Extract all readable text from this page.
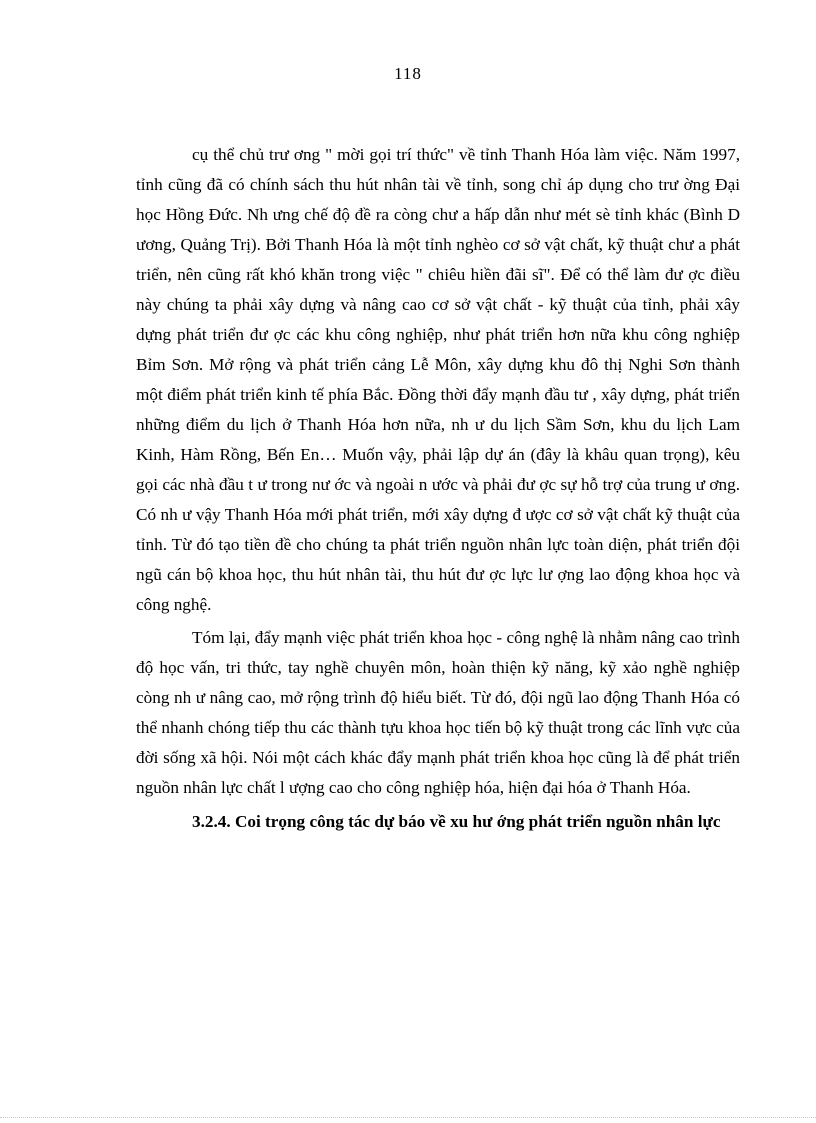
118

cụ thể chủ trư ơng " mời gọi trí thức" về tỉnh Thanh Hóa làm việc. Năm 1997, tỉnh cũng đã có chính sách thu hút nhân tài về tỉnh, song chỉ áp dụng cho trư ờng Đại học Hồng Đức. Nh ưng chế độ đề ra còng chư a hấp dẫn như mét sè tỉnh khác (Bình D ương, Quảng Trị). Bởi Thanh Hóa là một tỉnh nghèo cơ sở vật chất, kỹ thuật chư a phát triển, nên cũng rất khó khăn trong việc " chiêu hiền đãi sĩ". Để có thể làm đư ợc điều này chúng ta phải xây dựng và nâng cao cơ sở vật chất - kỹ thuật của tỉnh, phải xây dựng phát triển đư ợc các khu công nghiệp, như phát triển hơn nữa khu công nghiệp Bỉm Sơn. Mở rộng và phát triển cảng Lễ Môn, xây dựng khu đô thị Nghi Sơn thành một điểm phát triển kinh tế phía Bắc. Đồng thời đẩy mạnh đầu tư , xây dựng, phát triển những điểm du lịch ở Thanh Hóa hơn nữa, nh ư du lịch Sầm Sơn, khu du lịch Lam Kinh, Hàm Rồng, Bến En… Muốn vậy, phải lập dự án (đây là khâu quan trọng), kêu gọi các nhà đầu t ư trong nư ớc và ngoài n ước và phải đư ợc sự hỗ trợ của trung ư ơng. Có nh ư vậy Thanh Hóa mới phát triển, mới xây dựng đ ược cơ sở vật chất kỹ thuật của tỉnh. Từ đó tạo tiền đề cho chúng ta phát triển nguồn nhân lực toàn diện, phát triển đội ngũ cán bộ khoa học, thu hút nhân tài, thu hút đư ợc lực lư ợng lao động khoa học và công nghệ.

Tóm lại, đẩy mạnh việc phát triển khoa học - công nghệ là nhằm nâng cao trình độ học vấn, tri thức, tay nghề chuyên môn, hoàn thiện kỹ năng, kỹ xảo nghề nghiệp còng nh ư nâng cao, mở rộng trình độ hiểu biết. Từ đó, đội ngũ lao động Thanh Hóa có thể nhanh chóng tiếp thu các thành tựu khoa học tiến bộ kỹ thuật trong các lĩnh vực của đời sống xã hội. Nói một cách khác đẩy mạnh phát triển khoa học cũng là để phát triển nguồn nhân lực chất l ượng cao cho công nghiệp hóa, hiện đại hóa ở Thanh Hóa.

3.2.4. Coi trọng công tác dự báo về xu hư ớng phát triển nguồn nhân lực
